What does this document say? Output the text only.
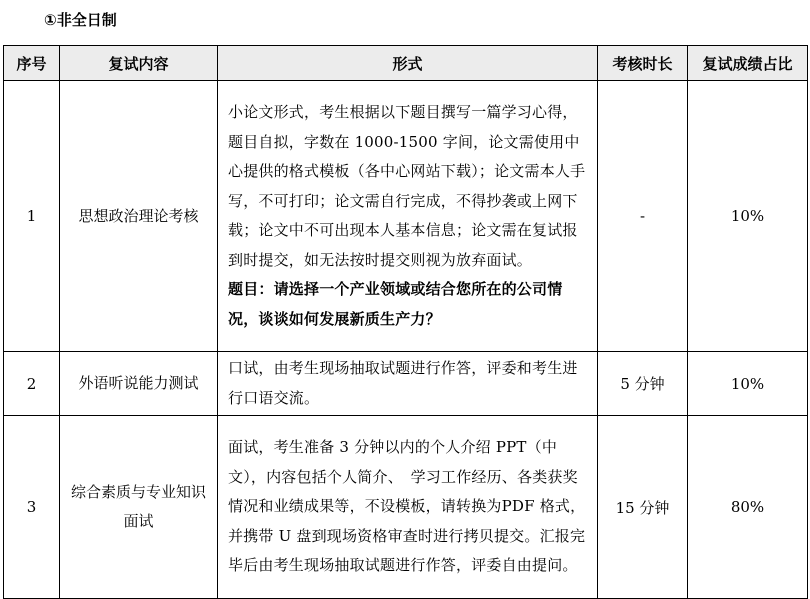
①非全日制
序号	复试内容	形式	考核时长	复试成绩占比
1	思想政治理论考核	小论文形式，考生根据以下题目撰写一篇学习心得，题目自拟，字数在 1000-1500 字间，论文需使用中心提供的格式模板（各中心网站下载）；论文需本人手写，不可打印；论文需自行完成，不得抄袭或上网下载；论文中不可出现本人基本信息；论文需在复试报到时提交，如无法按时提交则视为放弃面试。
题目：请选择一个产业领域或结合您所在的公司情况，谈谈如何发展新质生产力？	-	10%
2	外语听说能力测试	口试，由考生现场抽取试题进行作答，评委和考生进行口语交流。	5 分钟	10%
3	综合素质与专业知识面试	面试，考生准备 3 分钟以内的个人介绍 PPT（中文），内容包括个人简介、　学习工作经历、各类获奖情况和业绩成果等，不设模板，请转换为PDF 格式，并携带 U 盘到现场资格审查时进行拷贝提交。汇报完毕后由考生现场抽取试题进行作答，评委自由提问。	15 分钟	80%
